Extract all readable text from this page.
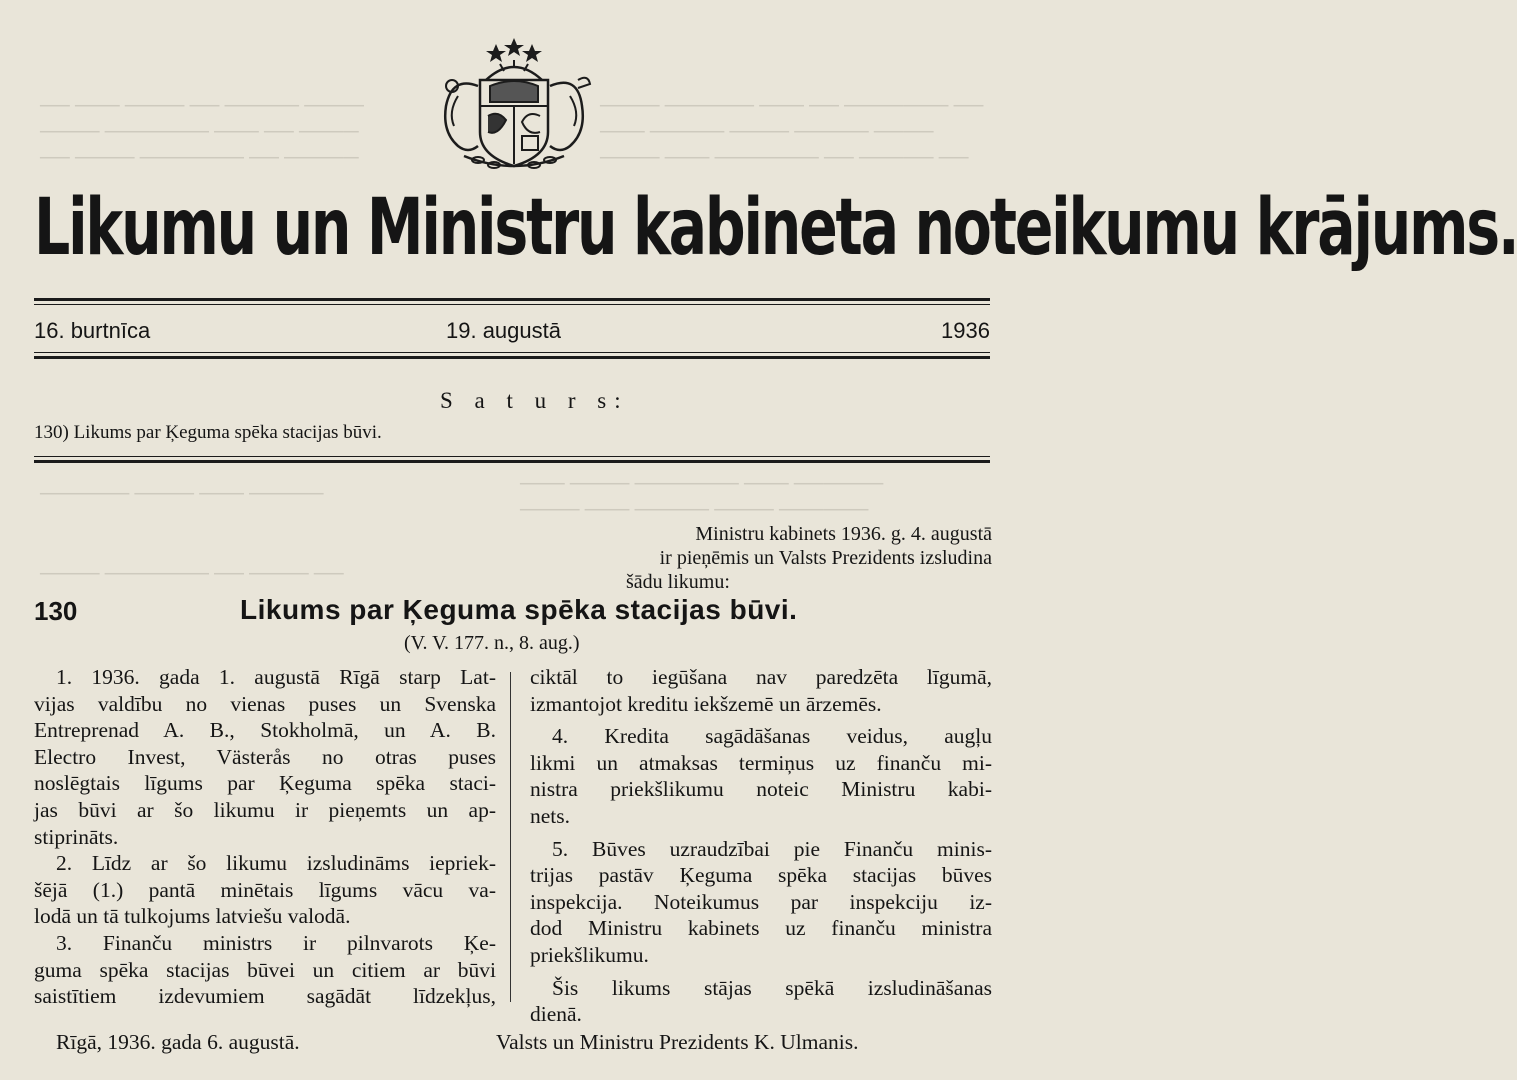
── ─── ──── ── ───── ────
──── ─────── ─── ── ────
── ──── ─────── ── ─────
──── ────── ─── ── ─────── ──
─── ───── ──── ───── ────
──── ─── ─────── ── ───── ──
─── ──── ─────── ─── ──────
──── ─── ───── ──── ──────
────── ──── ─── ─────
──── ─────── ── ──── ──
Likumu un Ministru kabineta noteikumu krājums.
16. burtnīca	19. augustā	1936
S a t u r s:
130) Likums par Ķeguma spēka stacijas būvi.
Ministru kabinets 1936. g. 4. augustā
ir pieņēmis un Valsts Prezidents izsludina
šādu likumu:
130	Likums par Ķeguma spēka stacijas būvi.
(V. V. 177. n., 8. aug.)
1. 1936. gada 1. augustā Rīgā starp Lat-
vijas valdību no vienas puses un Svenska
Entreprenad A. B., Stokholmā, un A. B.
Electro Invest, Västerås no otras puses
noslēgtais līgums par Ķeguma spēka staci-
jas būvi ar šo likumu ir pieņemts un ap-
stiprināts.
2. Līdz ar šo likumu izsludināms iepriek-
šējā (1.) pantā minētais līgums vācu va-
lodā un tā tulkojums latviešu valodā.
3. Finanču ministrs ir pilnvarots Ķe-
guma spēka stacijas būvei un citiem ar būvi
saistītiem izdevumiem sagādāt līdzekļus,
ciktāl to iegūšana nav paredzēta līgumā,
izmantojot kreditu iekšzemē un ārzemēs.
4. Kredita sagādāšanas veidus, augļu
likmi un atmaksas termiņus uz finanču mi-
nistra priekšlikumu noteic Ministru kabi-
nets.
5. Būves uzraudzībai pie Finanču minis-
trijas pastāv Ķeguma spēka stacijas būves
inspekcija. Noteikumus par inspekciju iz-
dod Ministru kabinets uz finanču ministra
priekšlikumu.
Šis likums stājas spēkā izsludināšanas
dienā.
Rīgā, 1936. gada 6. augustā.	Valsts un Ministru Prezidents K. Ulmanis.
